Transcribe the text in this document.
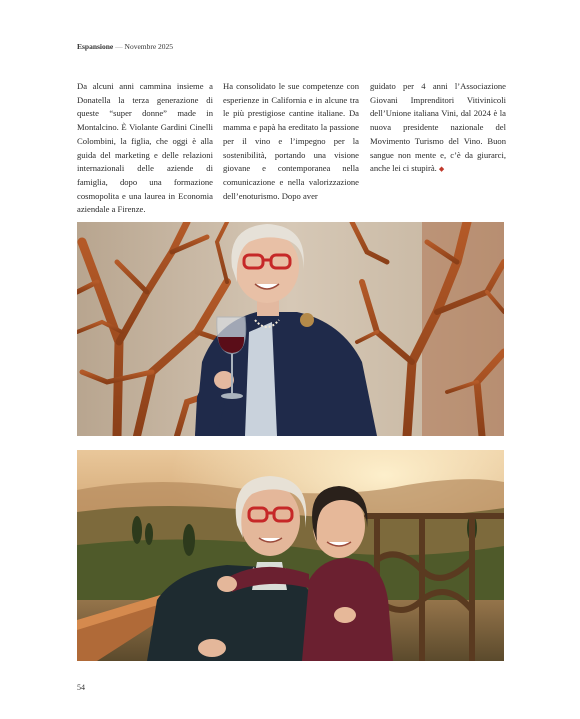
Espansione — Novembre 2025

Da alcuni anni cammina insieme a Donatella la terza generazione di queste “super donne” made in Montalcino. È Violante Gardini Cinelli Colombini, la figlia, che oggi è alla guida del marketing e delle relazioni internazionali delle aziende di famiglia, dopo una formazione cosmopolita e una laurea in Economia aziendale a Firenze.

Ha consolidato le sue competenze con esperienze in California e in alcune tra le più prestigiose cantine italiane. Da mamma e papà ha ereditato la passione per il vino e l’impegno per la sostenibilità, portando una visione giovane e contemporanea nella comunicazione e nella valorizzazione dell’enoturismo. Dopo aver

guidato per 4 anni l’Associazione Giovani Imprenditori Vitivinicoli dell’Unione italiana Vini, dal 2024 è la nuova presidente nazionale del Movimento Turismo del Vino. Buon sangue non mente e, c’è da giurarci, anche lei ci stupirà. ◆

54
